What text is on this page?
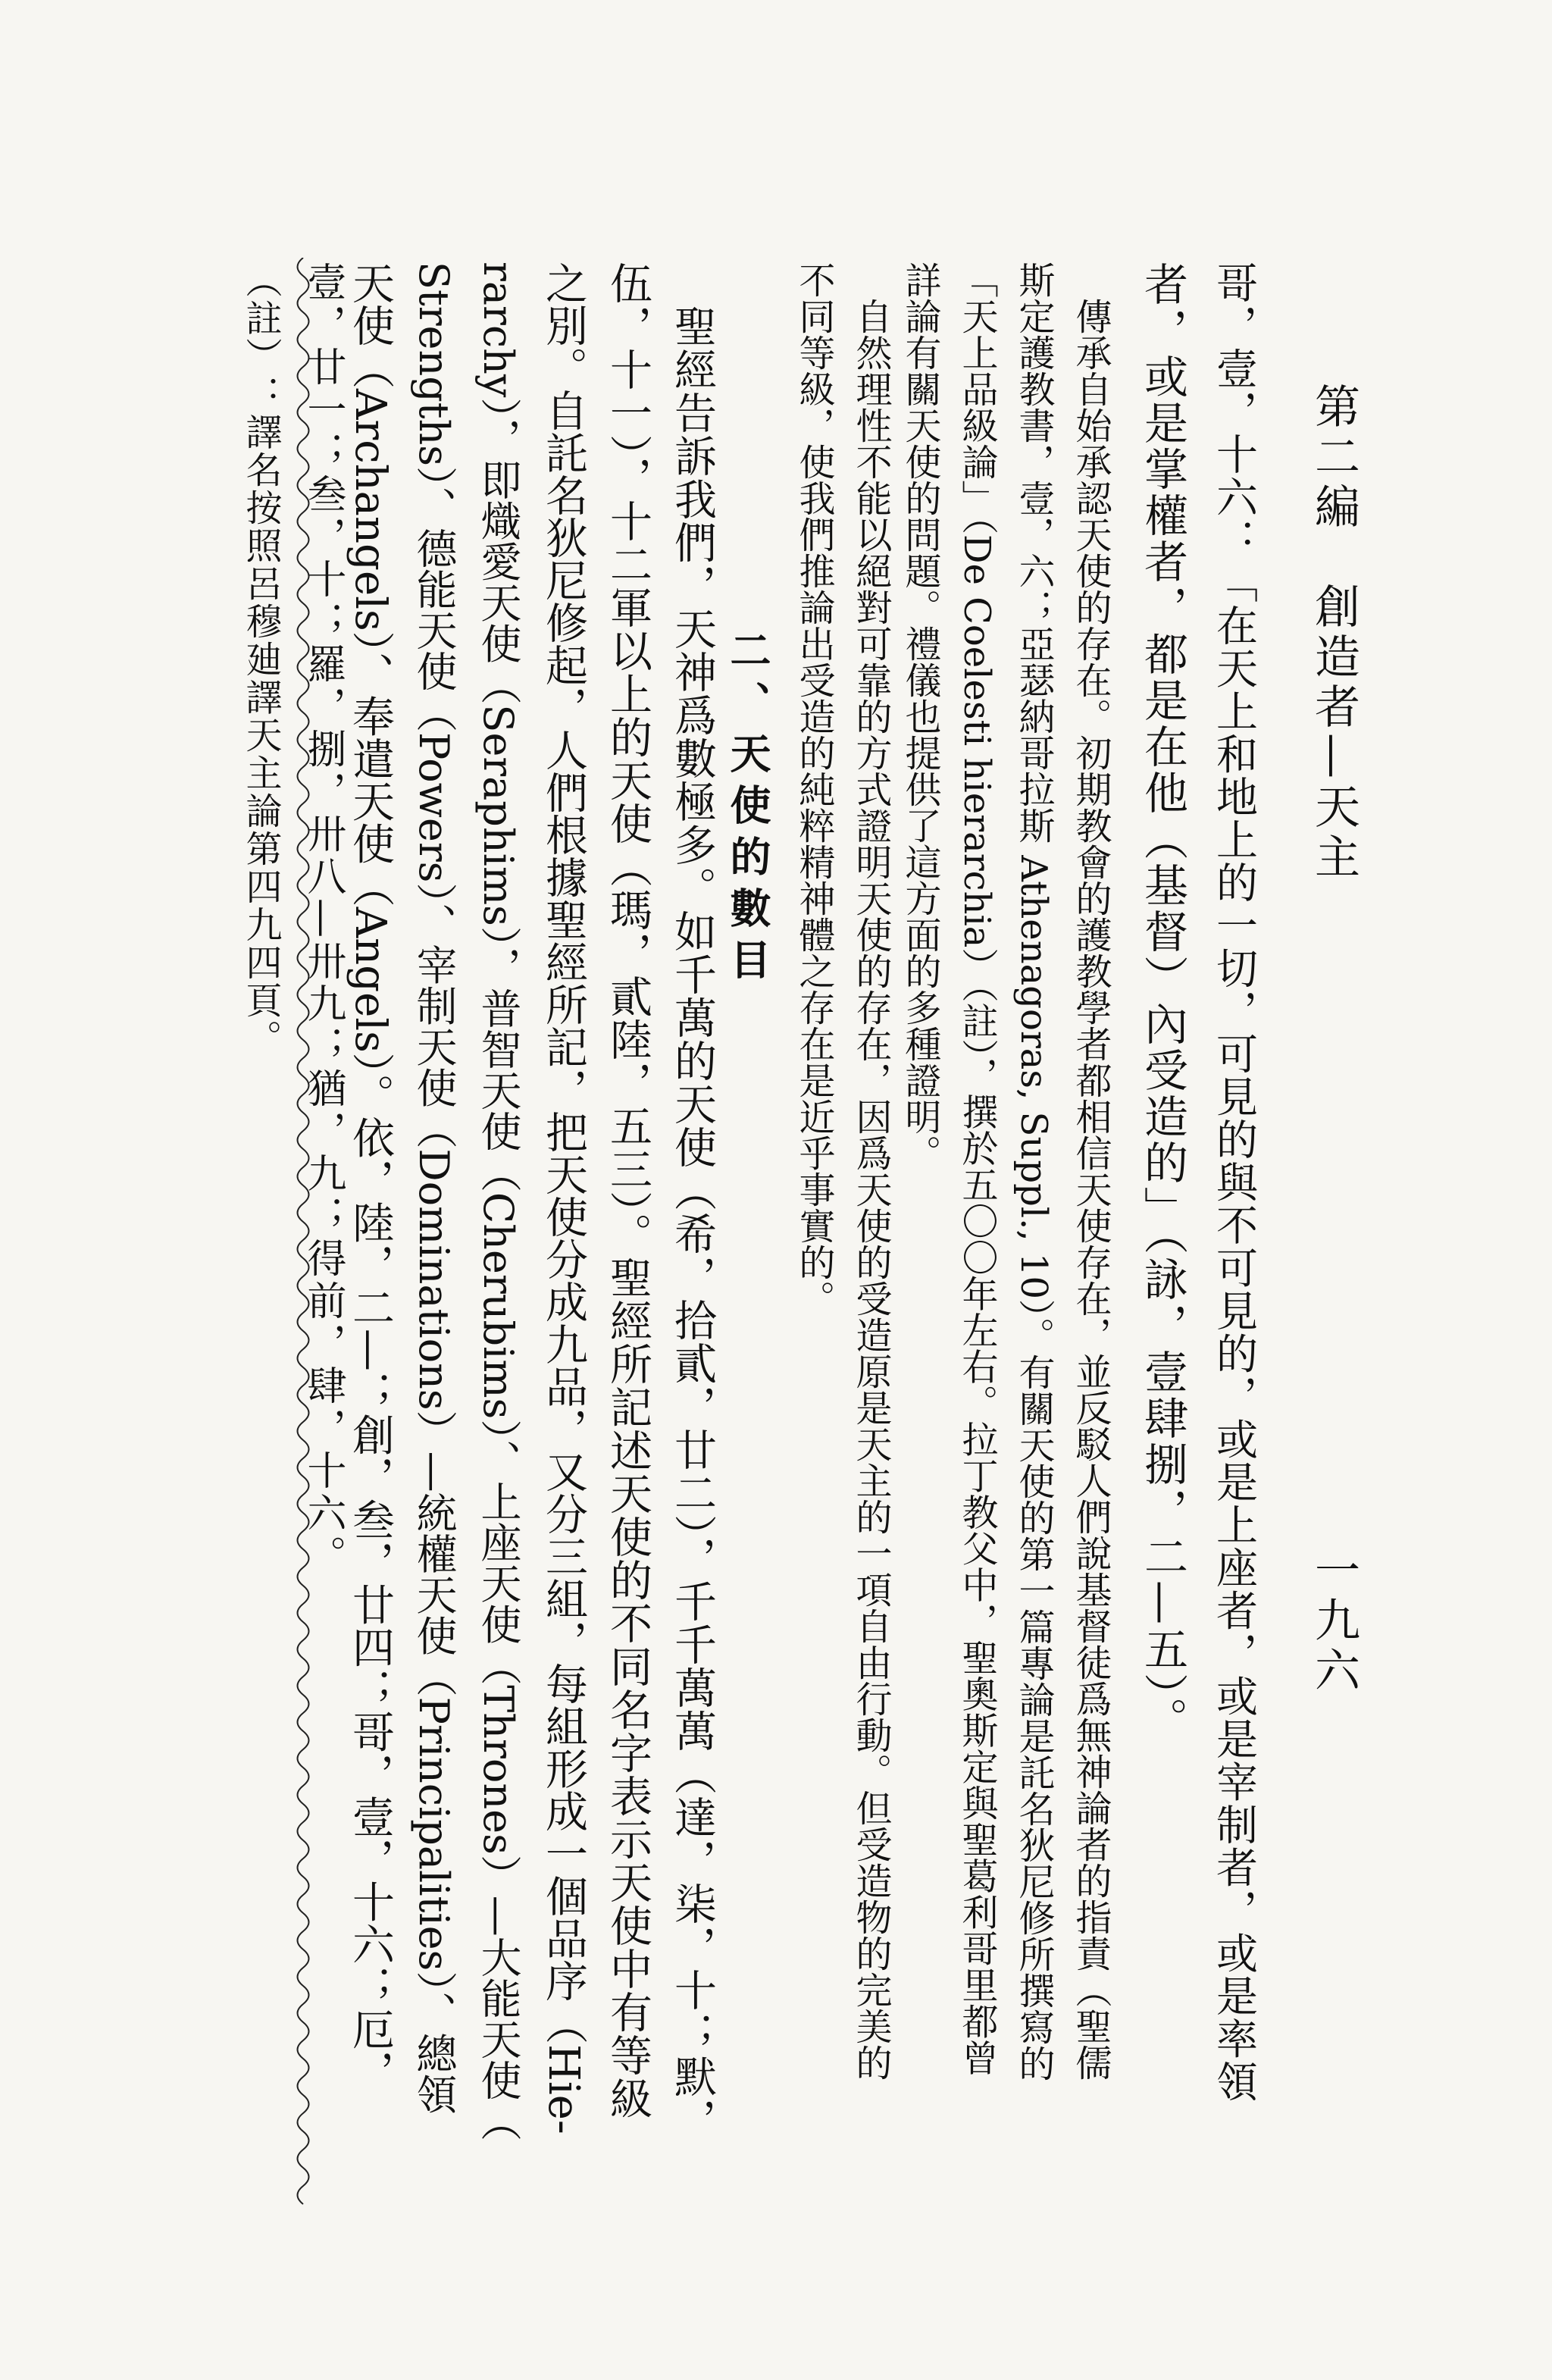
第二編　創造者—天主
一九六
哥，壹，十六：「在天上和地上的一切，可見的與不可見的，或是上座者，或是宰制者，或是率領
者，或是掌權者，都是在他（基督）內受造的」（詠，壹肆捌，二—五）。
　傳承自始承認天使的存在。初期教會的護教學者都相信天使存在，並反駁人們說基督徒爲無神論者的指責（聖儒
斯定護教書，壹，六；亞瑟納哥拉斯 Athenagoras, Suppl., 10）。有關天使的第一篇專論是託名狄尼修所撰寫的
「天上品級論」（De Coelesti hierarchia）（註），撰於五〇〇年左右。拉丁教父中，聖奧斯定與聖葛利哥里都曾
詳論有關天使的問題。禮儀也提供了這方面的多種證明。
　自然理性不能以絕對可靠的方式證明天使的存在，因爲天使的受造原是天主的一項自由行動。但受造物的完美的
不同等級，使我們推論出受造的純粹精神體之存在是近乎事實的。
二、天使的數目
　聖經告訴我們，天神爲數極多。如千萬的天使（希，拾貳，廿二），千千萬萬（達，柒，十；默，
伍，十一），十二軍以上的天使（瑪，貳陸，五三）。聖經所記述天使的不同名字表示天使中有等級
之別。自託名狄尼修起，人們根據聖經所記，把天使分成九品，又分三組，每組形成一個品序（Hie-
rarchy），即熾愛天使（Seraphims），普智天使（Cherubims）、上座天使（Thrones）—大能天使（
Strengths）、德能天使（Powers）、宰制天使（Dominations）—統權天使（Principalities）、總領
天使（Archangels）、奉遣天使（Angels）。依，陸，二—；創，叁，廿四；哥，壹，十六；厄，
壹，廿一；叁，十；羅，捌，卅八—卅九；猶，九；得前，肆，十六。
（註）：譯名按照呂穆廸譯天主論第四九四頁。
